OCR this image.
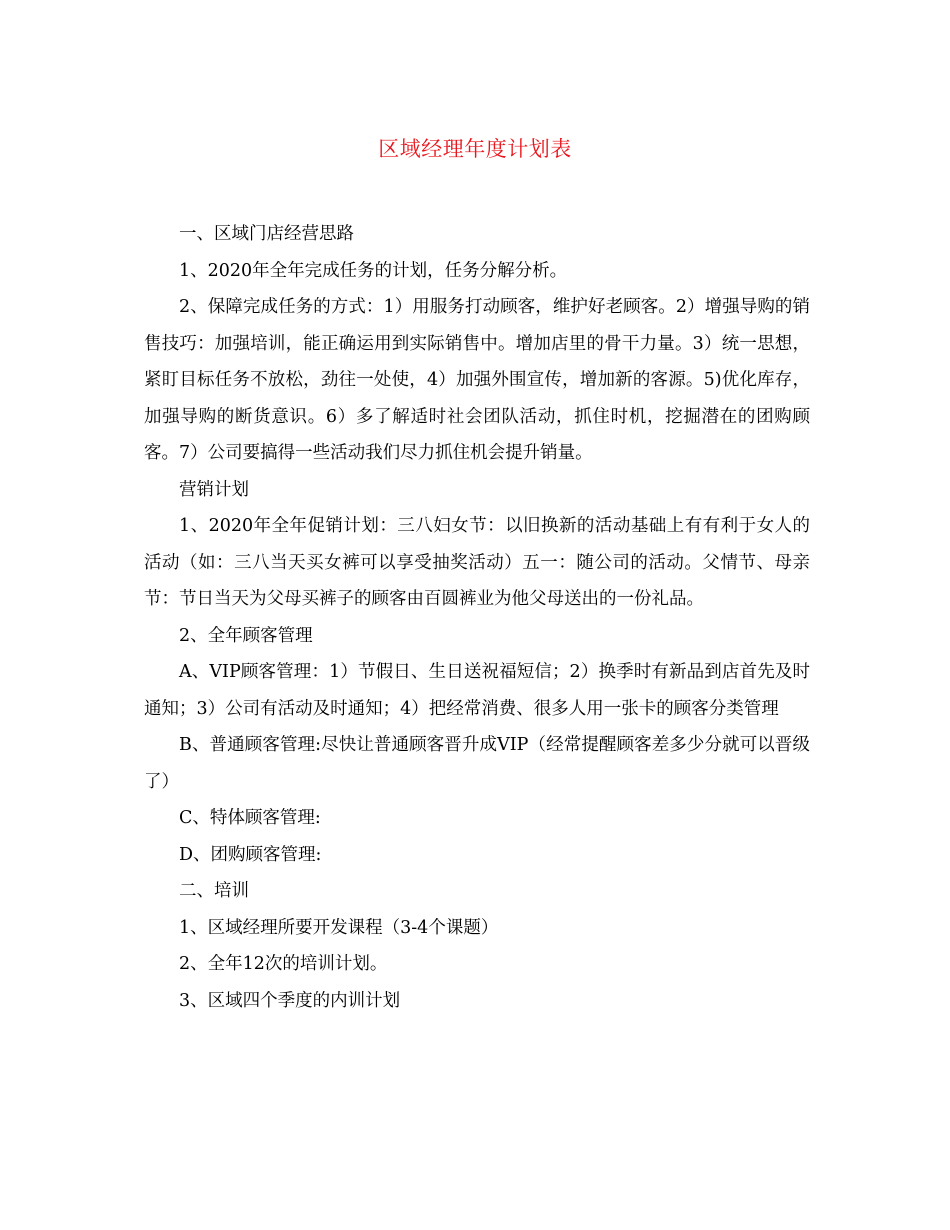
区域经理年度计划表

一、区域门店经营思路

1、2020年全年完成任务的计划，任务分解分析。

2、保障完成任务的方式：1）用服务打动顾客，维护好老顾客。2）增强导购的销售技巧：加强培训，能正确运用到实际销售中。增加店里的骨干力量。3）统一思想，紧盯目标任务不放松，劲往一处使，4）加强外围宣传，增加新的客源。5)优化库存，加强导购的断货意识。6）多了解适时社会团队活动，抓住时机，挖掘潜在的团购顾客。7）公司要搞得一些活动我们尽力抓住机会提升销量。

营销计划

1、2020年全年促销计划：三八妇女节：以旧换新的活动基础上有有利于女人的活动（如：三八当天买女裤可以享受抽奖活动）五一：随公司的活动。父情节、母亲节：节日当天为父母买裤子的顾客由百圆裤业为他父母送出的一份礼品。

2、全年顾客管理

A、VIP顾客管理：1）节假日、生日送祝福短信；2）换季时有新品到店首先及时通知；3）公司有活动及时通知；4）把经常消费、很多人用一张卡的顾客分类管理

B、普通顾客管理:尽快让普通顾客晋升成VIP（经常提醒顾客差多少分就可以晋级了）

C、特体顾客管理:

D、团购顾客管理:

二、培训

1、区域经理所要开发课程（3-4个课题）

2、全年12次的培训计划。

3、区域四个季度的内训计划
